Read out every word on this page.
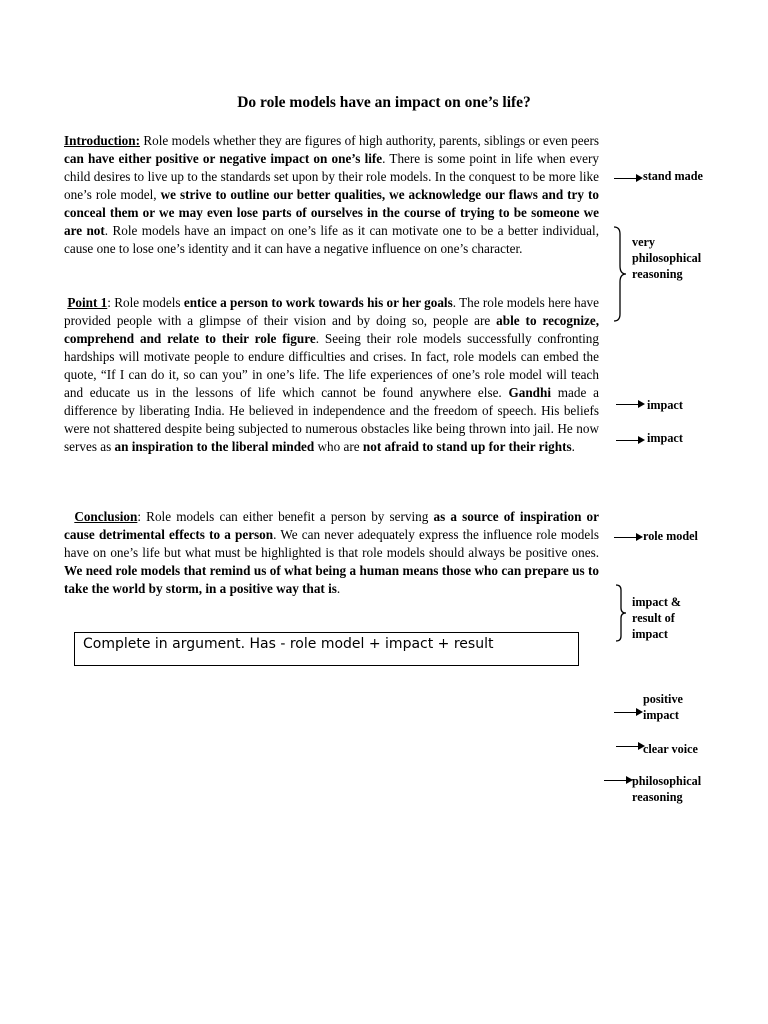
Do role models have an impact on one’s life?
Introduction: Role models whether they are figures of high authority, parents, siblings or even peers can have either positive or negative impact on one’s life. There is some point in life when every child desires to live up to the standards set upon by their role models. In the conquest to be more like one’s role model, we strive to outline our better qualities, we acknowledge our flaws and try to conceal them or we may even lose parts of ourselves in the course of trying to be someone we are not. Role models have an impact on one’s life as it can motivate one to be a better individual, cause one to lose one’s identity and it can have a negative influence on one’s character.
Point 1: Role models entice a person to work towards his or her goals. The role models here have provided people with a glimpse of their vision and by doing so, people are able to recognize, comprehend and relate to their role figure. Seeing their role models successfully confronting hardships will motivate people to endure difficulties and crises. In fact, role models can embed the quote, “If I can do it, so can you” in one’s life. The life experiences of one’s role model will teach and educate us in the lessons of life which cannot be found anywhere else. Gandhi made a difference by liberating India. He believed in independence and the freedom of speech. His beliefs were not shattered despite being subjected to numerous obstacles like being thrown into jail. He now serves as an inspiration to the liberal minded who are not afraid to stand up for their rights.
Conclusion: Role models can either benefit a person by serving as a source of inspiration or cause detrimental effects to a person. We can never adequately express the influence role models have on one’s life but what must be highlighted is that role models should always be positive ones. We need role models that remind us of what being a human means those who can prepare us to take the world by storm, in a positive way that is.
Complete in argument. Has - role model + impact + result
stand made
very
philosophical
reasoning
impact
impact
role model
impact &
result of
impact
positive
impact
clear voice
philosophical
reasoning
